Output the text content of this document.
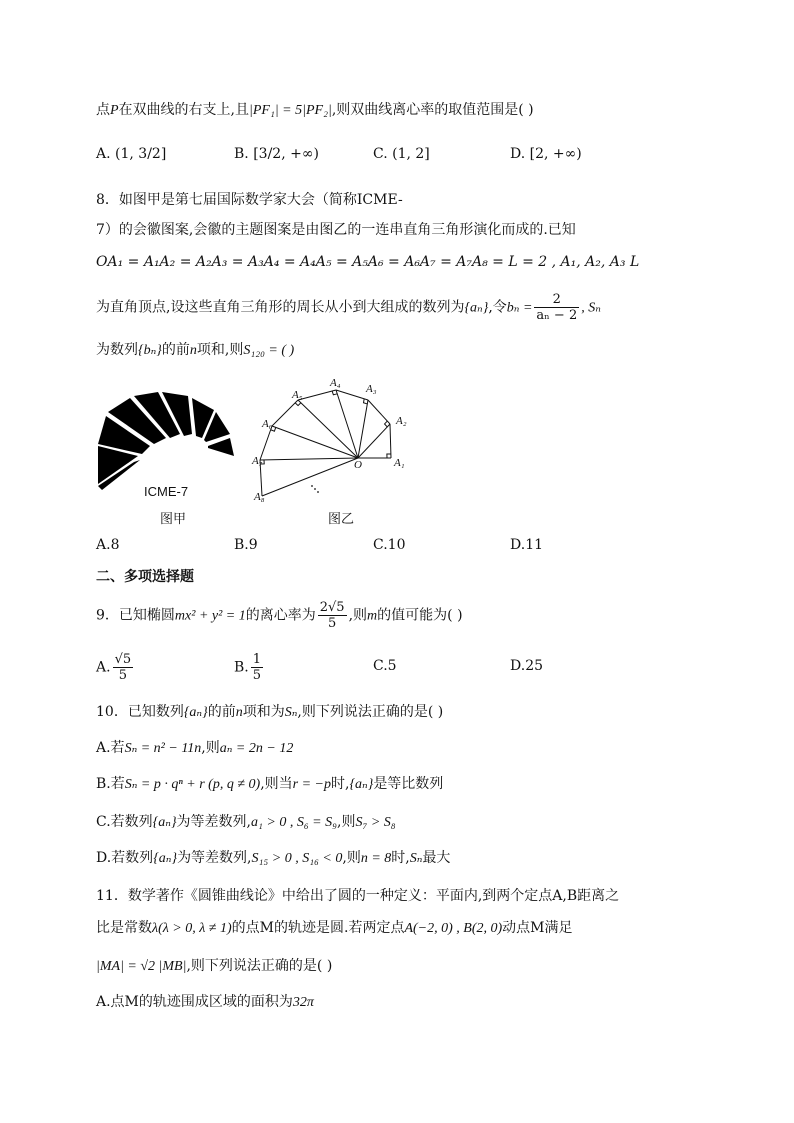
点P在双曲线的右支上,且|PF₁| = 5|PF₂|,则双曲线离心率的取值范围是( )
A. (1, 3/2]	B. [3/2, +∞)	C. (1, 2]	D. [2, +∞)
8．如图甲是第七届国际数学家大会（简称ICME-
7）的会徽图案,会徽的主题图案是由图乙的一连串直角三角形演化而成的.已知
OA₁ = A₁A₂ = A₂A₃ = A₃A₄ = A₄A₅ = A₅A₆ = A₆A₇ = A₇A₈ = L = 2 , A₁, A₂, A₃ L
为直角顶点,设这些直角三角形的周长从小到大组成的数列为{aₙ},令$b_n = \frac{2}{\text{aₙ − 2}}$ , Sₙ
为数列{bₙ}的前n项和,则S₁₂₀ = ( )
ICME-7
图甲
A₁
A₂
A₃
A₄
A₅
A₆
A₇
A₈
O
图乙
A.8	B.9	C.10	D.11
二、多项选择题
9．已知椭圆mx² + y² = 1的离心率为 $\frac{2√5}{5}$ ,则m的值可能为( )
A. $\frac{√5}{5}$	B. $\frac{1}{5}$	C.5	D.25
10．已知数列{aₙ}的前n项和为Sₙ,则下列说法正确的是( )
A.若Sₙ = n² − 11n,则aₙ = 2n − 12
B.若Sₙ = p · qⁿ + r (p, q ≠ 0),则当r = −p时,{aₙ}是等比数列
C.若数列{aₙ}为等差数列,a₁ > 0 , S₆ = S₉,则S₇ > S₈
D.若数列{aₙ}为等差数列,S₁₅ > 0 , S₁₆ < 0,则n = 8时,Sₙ最大
11．数学著作《圆锥曲线论》中给出了圆的一种定义：平面内,到两个定点A,B距离之
比是常数λ(λ > 0, λ ≠ 1)的点M的轨迹是圆.若两定点A(−2, 0) , B(2, 0)动点M满足
|MA| = √2 |MB|,则下列说法正确的是( )
A.点M的轨迹围成区域的面积为32π
